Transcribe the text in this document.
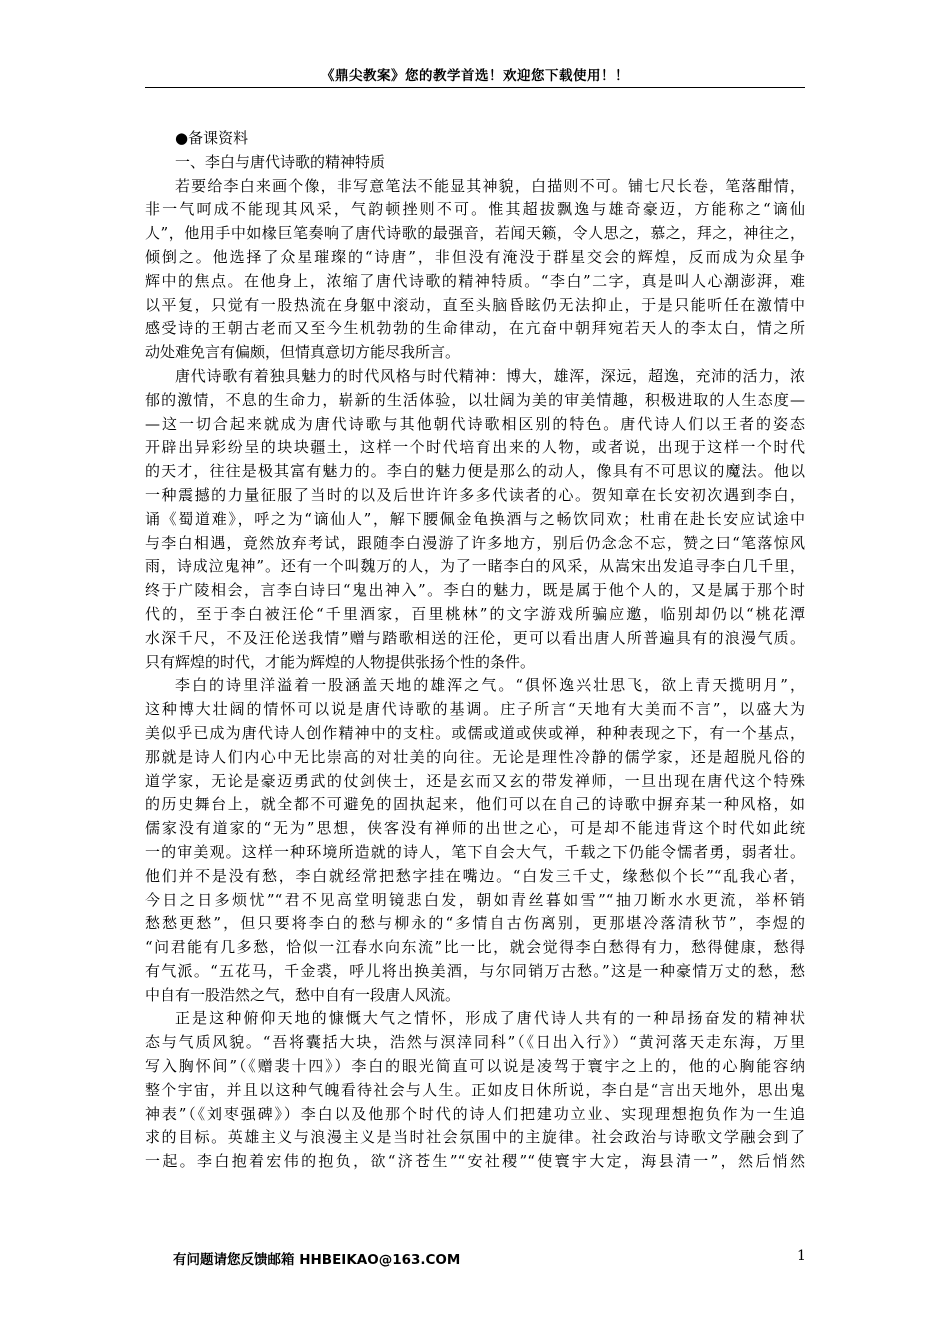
《鼎尖教案》您的教学首选！欢迎您下载使用！！
●备课资料
一、李白与唐代诗歌的精神特质
若要给李白来画个像，非写意笔法不能显其神貌，白描则不可。铺七尺长卷，笔落酣情，
非一气呵成不能现其风采，气韵顿挫则不可。惟其超拔飘逸与雄奇豪迈，方能称之“谪仙
人”，他用手中如椽巨笔奏响了唐代诗歌的最强音，若闻天籁，令人思之，慕之，拜之，神往之，
倾倒之。他选择了众星璀璨的“诗唐”，非但没有淹没于群星交会的辉煌，反而成为众星争
辉中的焦点。在他身上，浓缩了唐代诗歌的精神特质。“李白”二字，真是叫人心潮澎湃，难
以平复，只觉有一股热流在身躯中滚动，直至头脑昏眩仍无法抑止，于是只能听任在激情中
感受诗的王朝古老而又至今生机勃勃的生命律动，在亢奋中朝拜宛若天人的李太白，情之所
动处难免言有偏颇，但情真意切方能尽我所言。
唐代诗歌有着独具魅力的时代风格与时代精神：博大，雄浑，深远，超逸，充沛的活力，浓
郁的激情，不息的生命力，崭新的生活体验，以壮阔为美的审美情趣，积极进取的人生态度—
—这一切合起来就成为唐代诗歌与其他朝代诗歌相区别的特色。唐代诗人们以王者的姿态
开辟出异彩纷呈的块块疆土，这样一个时代培育出来的人物，或者说，出现于这样一个时代
的天才，往往是极其富有魅力的。李白的魅力便是那么的动人，像具有不可思议的魔法。他以
一种震撼的力量征服了当时的以及后世许许多多代读者的心。贺知章在长安初次遇到李白，
诵《蜀道难》，呼之为“谪仙人”，解下腰佩金龟换酒与之畅饮同欢；杜甫在赴长安应试途中
与李白相遇，竟然放弃考试，跟随李白漫游了许多地方，别后仍念念不忘，赞之曰“笔落惊风
雨，诗成泣鬼神”。还有一个叫魏万的人，为了一睹李白的风采，从嵩宋出发追寻李白几千里，
终于广陵相会，言李白诗曰“鬼出神入”。李白的魅力，既是属于他个人的，又是属于那个时
代的，至于李白被汪伦“千里酒家，百里桃林”的文字游戏所骗应邀，临别却仍以“桃花潭
水深千尺，不及汪伦送我情”赠与踏歌相送的汪伦，更可以看出唐人所普遍具有的浪漫气质。
只有辉煌的时代，才能为辉煌的人物提供张扬个性的条件。
李白的诗里洋溢着一股涵盖天地的雄浑之气。“俱怀逸兴壮思飞，欲上青天揽明月”，
这种博大壮阔的情怀可以说是唐代诗歌的基调。庄子所言“天地有大美而不言”，以盛大为
美似乎已成为唐代诗人创作精神中的支柱。或儒或道或侠或禅，种种表现之下，有一个基点，
那就是诗人们内心中无比崇高的对壮美的向往。无论是理性冷静的儒学家，还是超脱凡俗的
道学家，无论是豪迈勇武的仗剑侠士，还是玄而又玄的带发禅师，一旦出现在唐代这个特殊
的历史舞台上，就全都不可避免的固执起来，他们可以在自己的诗歌中摒弃某一种风格，如
儒家没有道家的“无为”思想，侠客没有禅师的出世之心，可是却不能违背这个时代如此统
一的审美观。这样一种环境所造就的诗人，笔下自会大气，千载之下仍能令懦者勇，弱者壮。
他们并不是没有愁，李白就经常把愁字挂在嘴边。“白发三千丈，缘愁似个长”“乱我心者，
今日之日多烦忧”“君不见高堂明镜悲白发，朝如青丝暮如雪”“抽刀断水水更流，举杯销
愁愁更愁”，但只要将李白的愁与柳永的“多情自古伤离别，更那堪冷落清秋节”，李煜的
“问君能有几多愁，恰似一江春水向东流”比一比，就会觉得李白愁得有力，愁得健康，愁得
有气派。“五花马，千金裘，呼儿将出换美酒，与尔同销万古愁。”这是一种豪情万丈的愁，愁
中自有一股浩然之气，愁中自有一段唐人风流。
正是这种俯仰天地的慷慨大气之情怀，形成了唐代诗人共有的一种昂扬奋发的精神状
态与气质风貌。“吾将囊括大块，浩然与溟涬同科”（《日出入行》）“黄河落天走东海，万里
写入胸怀间”（《赠裴十四》）李白的眼光简直可以说是凌驾于寰宇之上的，他的心胸能容纳
整个宇宙，并且以这种气魄看待社会与人生。正如皮日休所说，李白是“言出天地外，思出鬼
神表”（《刘枣强碑》）李白以及他那个时代的诗人们把建功立业、实现理想抱负作为一生追
求的目标。英雄主义与浪漫主义是当时社会氛围中的主旋律。社会政治与诗歌文学融会到了
一起。李白抱着宏伟的抱负，欲“济苍生”“安社稷”“使寰宇大定，海县清一”，然后悄然
有问题请您反馈邮箱 HHBEIKAO@163.COM	1
